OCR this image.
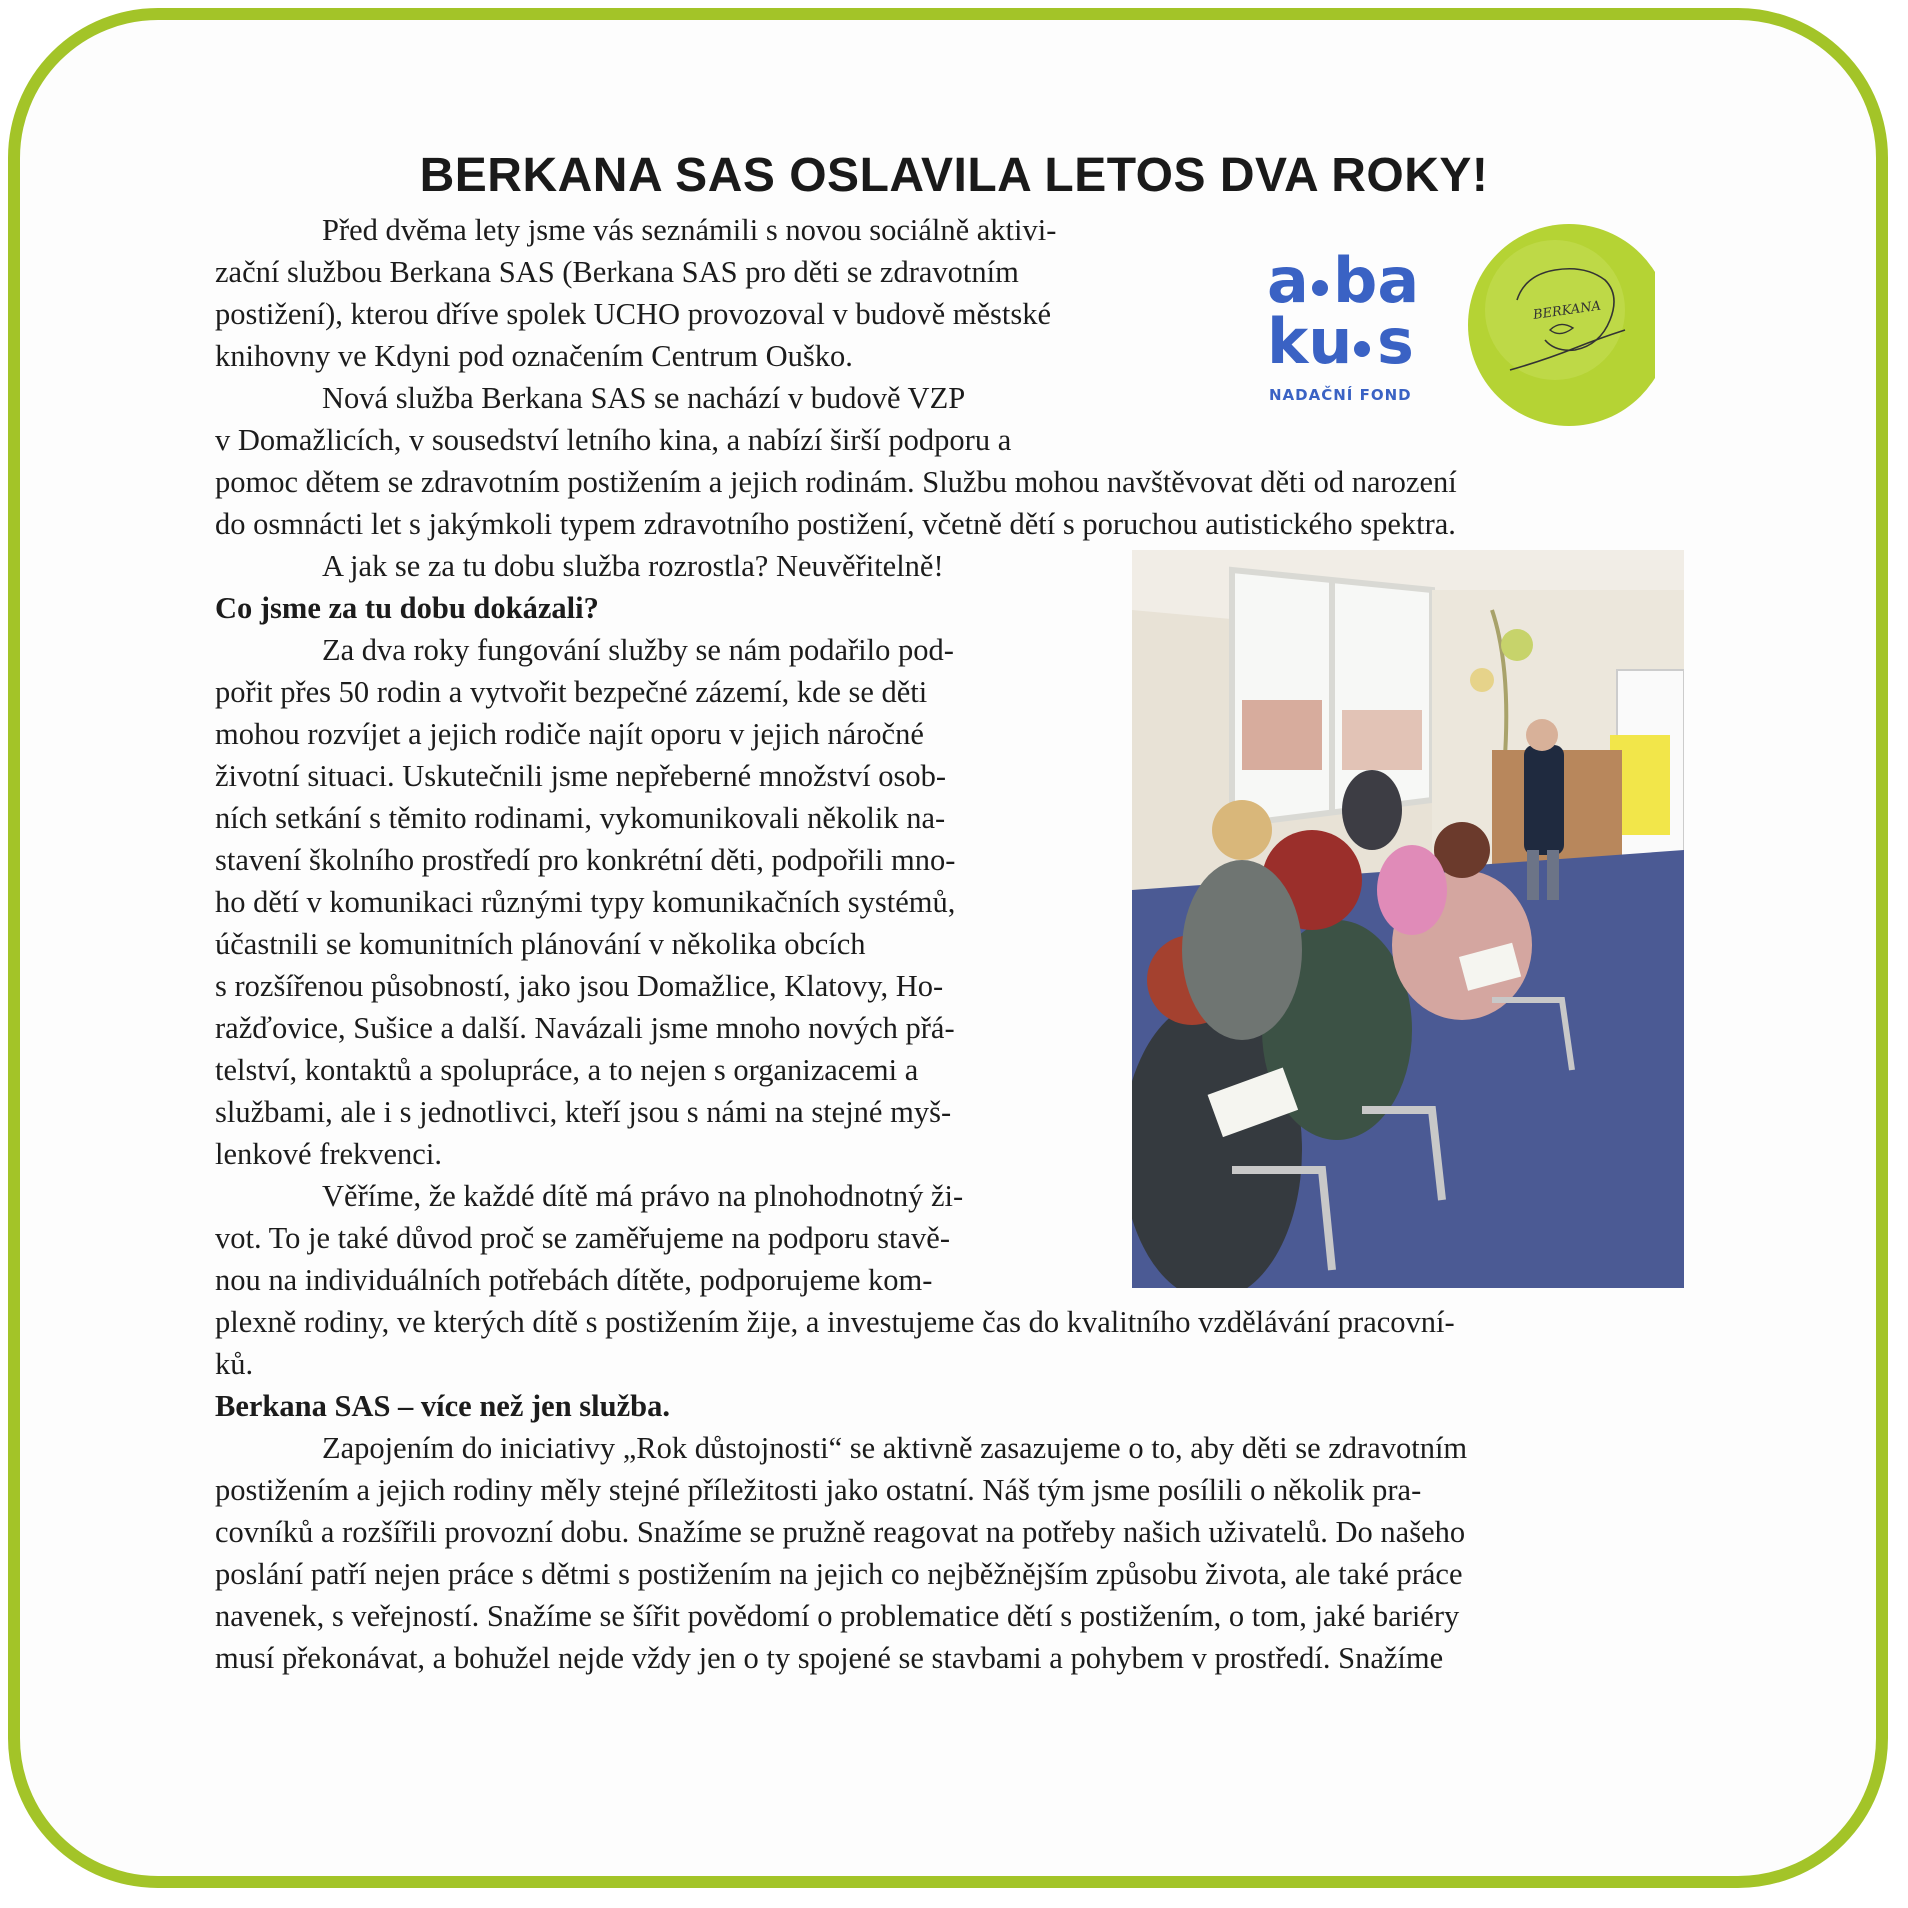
BERKANA SAS OSLAVILA LETOS DVA ROKY!

Před dvěma lety jsme vás seznámili s novou sociálně aktivi-

zační službou Berkana SAS (Berkana SAS pro děti se zdravotním

postižení), kterou dříve spolek UCHO provozoval v budově městské

knihovny ve Kdyni pod označením Centrum Ouško.

Nová služba Berkana SAS se nachází v budově VZP

v Domažlicích, v sousedství letního kina, a nabízí širší podporu a

pomoc dětem se zdravotním postižením a jejich rodinám. Službu mohou navštěvovat děti od narození

do osmnácti let s jakýmkoli typem zdravotního postižení, včetně dětí s poruchou autistického spektra.

A jak se za tu dobu služba rozrostla? Neuvěřitelně!

Co jsme za tu dobu dokázali?

Za dva roky fungování služby se nám podařilo pod-

pořit přes 50 rodin a vytvořit bezpečné zázemí, kde se děti

mohou rozvíjet a jejich rodiče najít oporu v jejich náročné

životní situaci. Uskutečnili jsme nepřeberné množství osob-

ních setkání s těmito rodinami, vykomunikovali několik na-

stavení školního prostředí pro konkrétní děti, podpořili mno-

ho dětí v komunikaci různými typy komunikačních systémů,

účastnili se komunitních plánování v několika obcích

s rozšířenou působností, jako jsou Domažlice, Klatovy, Ho-

ražďovice, Sušice a další. Navázali jsme mnoho nových přá-

telství, kontaktů a spolupráce, a to nejen s organizacemi a

službami, ale i s jednotlivci, kteří jsou s námi na stejné myš-

lenkové frekvenci.

Věříme, že každé dítě má právo na plnohodnotný ži-

vot. To je také důvod proč se zaměřujeme na podporu stavě-

nou na individuálních potřebách dítěte, podporujeme kom-

plexně rodiny, ve kterých dítě s postižením žije, a investujeme čas do kvalitního vzdělávání pracovní-

ků.

Berkana SAS – více než jen služba.

Zapojením do iniciativy „Rok důstojnosti“ se aktivně zasazujeme o to, aby děti se zdravotním

postižením a jejich rodiny měly stejné příležitosti jako ostatní. Náš tým jsme posílili o několik pra-

covníků a rozšířili provozní dobu. Snažíme se pružně reagovat na potřeby našich uživatelů. Do našeho

poslání patří nejen práce s dětmi s postižením na jejich co nejběžnějším způsobu života, ale také práce

navenek, s veřejností. Snažíme se šířit povědomí o problematice dětí s postižením, o tom, jaké bariéry

musí překonávat, a bohužel nejde vždy jen o ty spojené se stavbami a pohybem v prostředí. Snažíme

a ba
ku s
NADAČNÍ FOND
BERKANA
